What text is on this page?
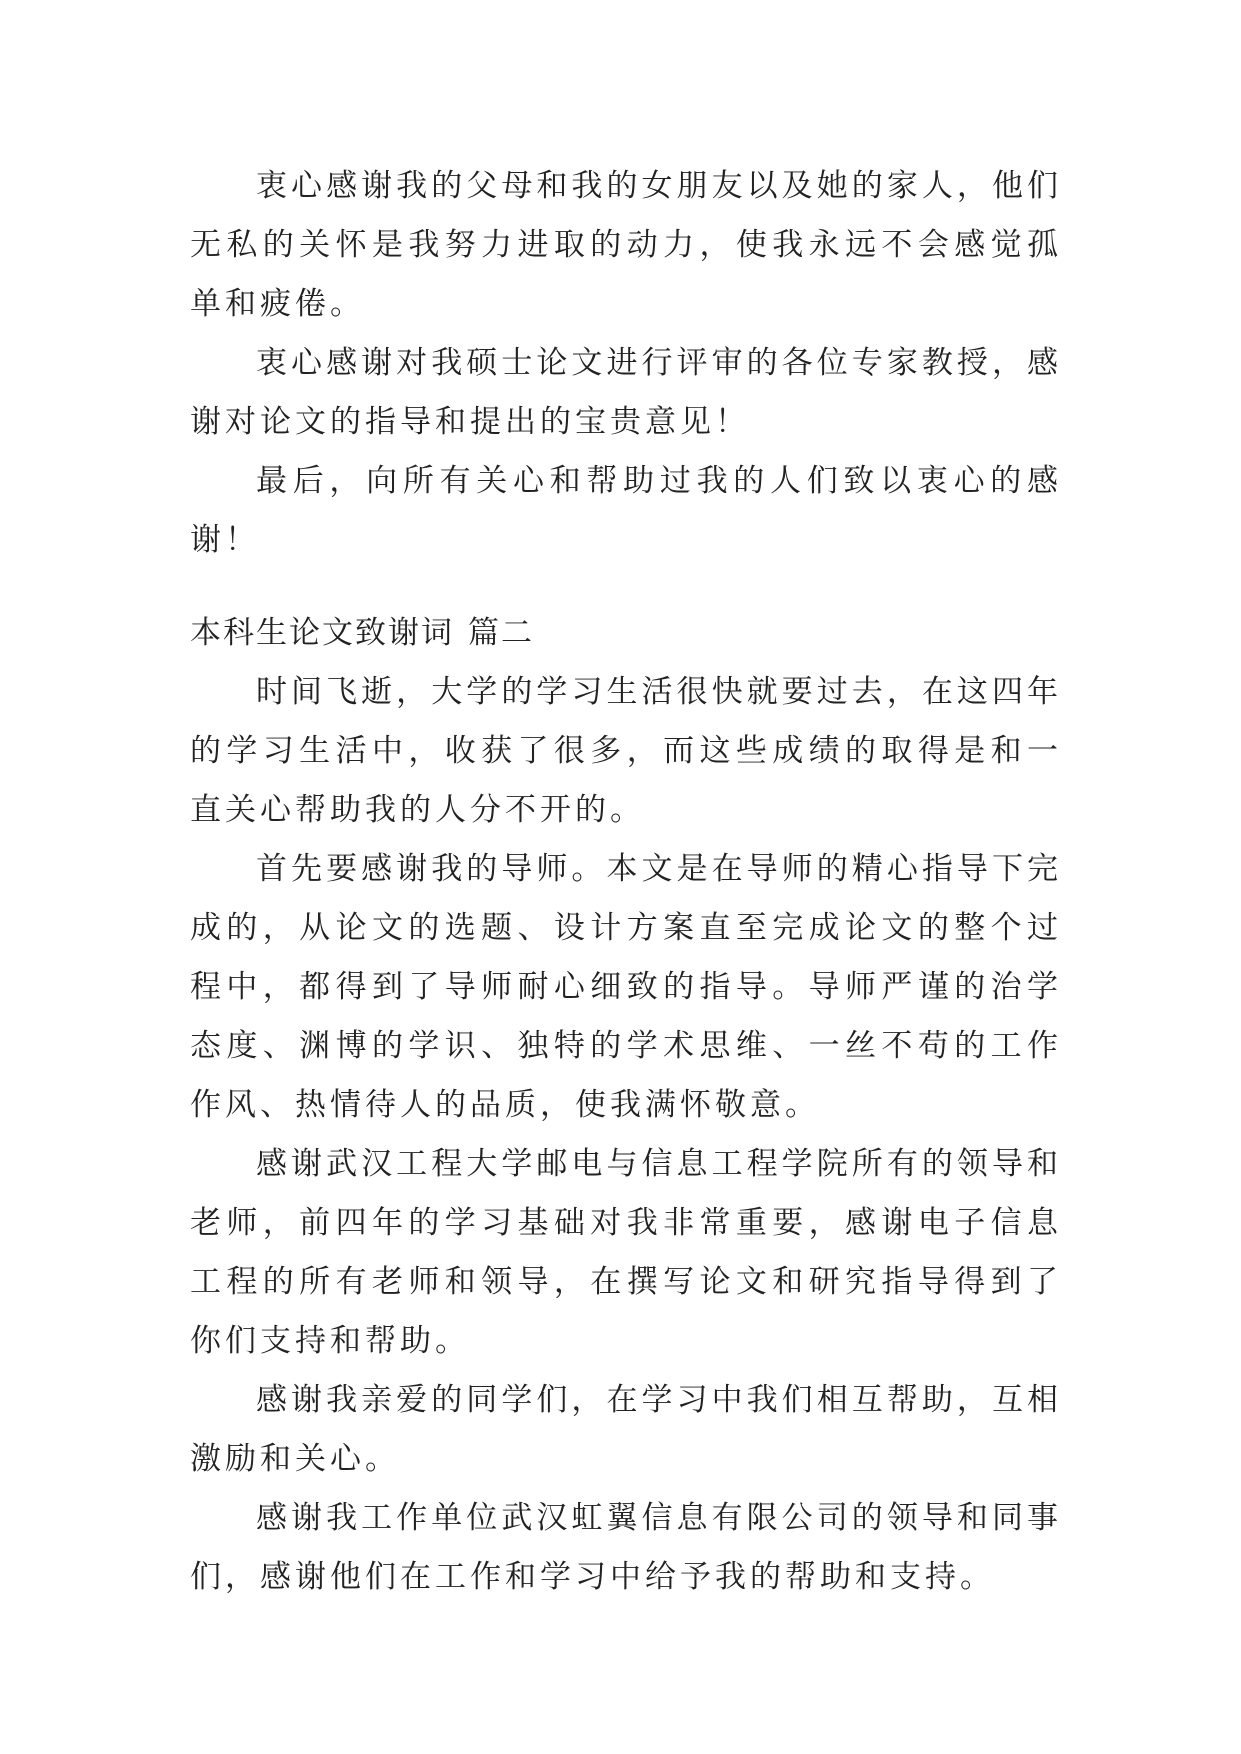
衷心感谢我的父母和我的女朋友以及她的家人，他们无私的关怀是我努力进取的动力，使我永远不会感觉孤单和疲倦。

衷心感谢对我硕士论文进行评审的各位专家教授，感谢对论文的指导和提出的宝贵意见！

最后，向所有关心和帮助过我的人们致以衷心的感谢！

本科生论文致谢词 篇二

时间飞逝，大学的学习生活很快就要过去，在这四年的学习生活中，收获了很多，而这些成绩的取得是和一直关心帮助我的人分不开的。

首先要感谢我的导师。本文是在导师的精心指导下完成的，从论文的选题、设计方案直至完成论文的整个过程中，都得到了导师耐心细致的指导。导师严谨的治学态度、渊博的学识、独特的学术思维、一丝不苟的工作作风、热情待人的品质，使我满怀敬意。

感谢武汉工程大学邮电与信息工程学院所有的领导和老师，前四年的学习基础对我非常重要，感谢电子信息工程的所有老师和领导，在撰写论文和研究指导得到了你们支持和帮助。

感谢我亲爱的同学们，在学习中我们相互帮助，互相激励和关心。

感谢我工作单位武汉虹翼信息有限公司的领导和同事们，感谢他们在工作和学习中给予我的帮助和支持。
